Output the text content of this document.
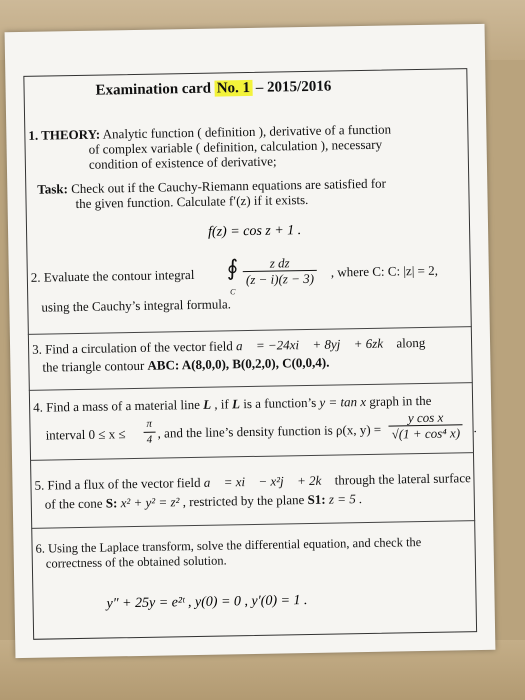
Examination card No. 1 – 2015/2016
1. THEORY: Analytic function ( definition ), derivative of a function
of complex variable ( definition, calculation ), necessary
condition of existence of derivative;
Task: Check out if the Cauchy-Riemann equations are satisfied for
the given function. Calculate f′(z) if it exists.
f(z) = cos z + 1 .
2. Evaluate the contour integral ∮
C
$\frac{\text{z dz}}{(z - i)(z - 3)}$ , where C: C: |z| = 2,
using the Cauchy’s integral formula.
3. Find a circulation of the vector field a⃗ = −24xi⃗ + 8yj⃗ + 6zk⃗ along
the triangle contour ABC: A(8,0,0), B(0,2,0), C(0,0,4).
4. Find a mass of a material line L , if L is a function’s y = tan x graph in the
interval $0 \le x \le \frac{\pi}{4}$ , and the line’s density function is ρ(x, $y) = \frac{\text{y cos x}}{\text{√(1 + cos⁴ x)}}$ .
5. Find a flux of the vector field a⃗ = xi⃗ − x²j⃗ + 2k⃗ through the lateral surface
of the cone S: x² + y² = z² , restricted by the plane S1: z = 5 .
6. Using the Laplace transform, solve the differential equation, and check the
correctness of the obtained solution.
y″ + 25y = e²ᵗ , y(0) = 0 , y′(0) = 1 .
